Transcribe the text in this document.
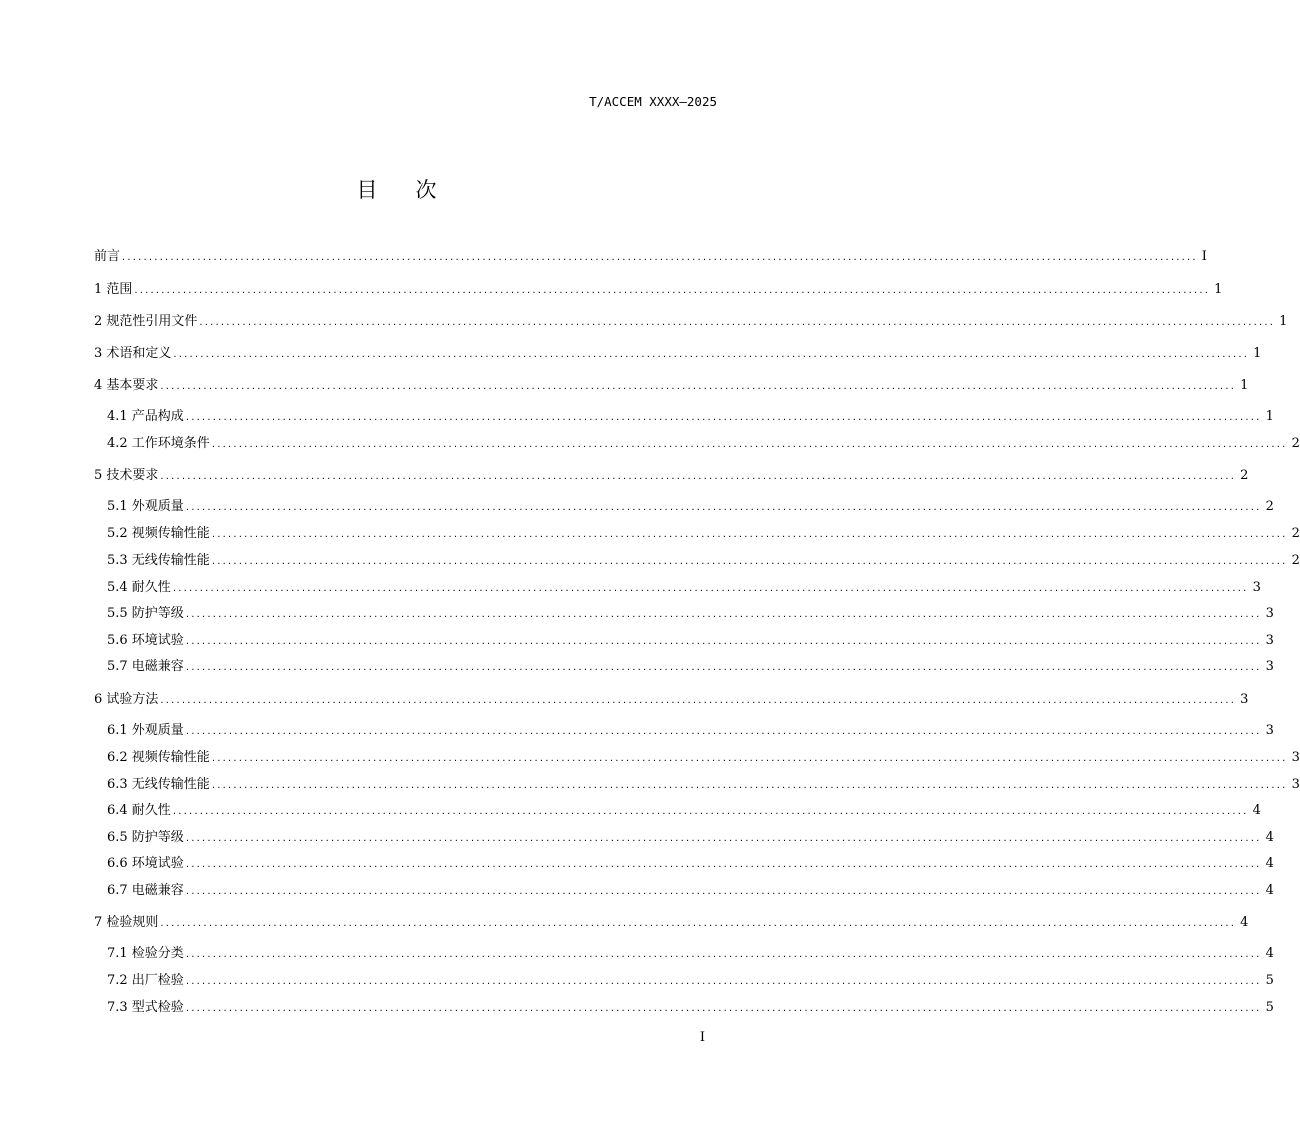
T/ACCEM XXXX—2025
目 次
前言 ........................................................................................................................................................................................................ I
1 范围 ........................................................................................................................................................................................................ 1
2 规范性引用文件 ........................................................................................................................................................................................................ 1
3 术语和定义 ........................................................................................................................................................................................................ 1
4 基本要求 ........................................................................................................................................................................................................ 1
4.1 产品构成 ........................................................................................................................................................................................................ 1
4.2 工作环境条件 ........................................................................................................................................................................................................ 2
5 技术要求 ........................................................................................................................................................................................................ 2
5.1 外观质量 ........................................................................................................................................................................................................ 2
5.2 视频传输性能 ........................................................................................................................................................................................................ 2
5.3 无线传输性能 ........................................................................................................................................................................................................ 2
5.4 耐久性 ........................................................................................................................................................................................................ 3
5.5 防护等级 ........................................................................................................................................................................................................ 3
5.6 环境试验 ........................................................................................................................................................................................................ 3
5.7 电磁兼容 ........................................................................................................................................................................................................ 3
6 试验方法 ........................................................................................................................................................................................................ 3
6.1 外观质量 ........................................................................................................................................................................................................ 3
6.2 视频传输性能 ........................................................................................................................................................................................................ 3
6.3 无线传输性能 ........................................................................................................................................................................................................ 3
6.4 耐久性 ........................................................................................................................................................................................................ 4
6.5 防护等级 ........................................................................................................................................................................................................ 4
6.6 环境试验 ........................................................................................................................................................................................................ 4
6.7 电磁兼容 ........................................................................................................................................................................................................ 4
7 检验规则 ........................................................................................................................................................................................................ 4
7.1 检验分类 ........................................................................................................................................................................................................ 4
7.2 出厂检验 ........................................................................................................................................................................................................ 5
7.3 型式检验 ........................................................................................................................................................................................................ 5
I
